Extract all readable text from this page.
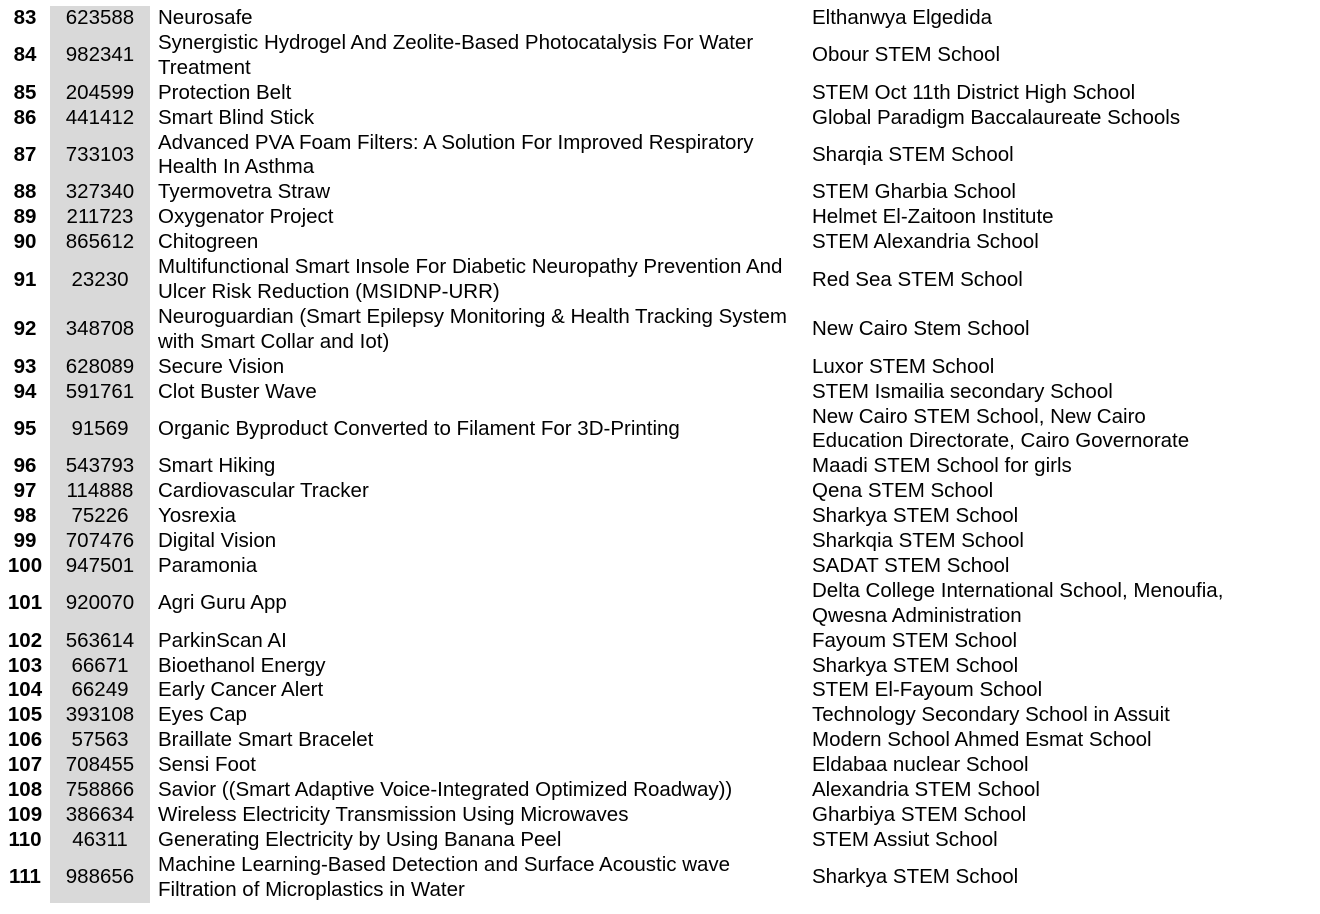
83	623588	Neurosafe	Elthanwya Elgedida
84	982341	Synergistic Hydrogel And Zeolite-Based Photocatalysis For Water Treatment	Obour STEM School
85	204599	Protection Belt	STEM Oct 11th District High School
86	441412	Smart Blind Stick	Global Paradigm Baccalaureate Schools
87	733103	Advanced PVA Foam Filters: A Solution For Improved Respiratory Health In Asthma	Sharqia STEM School
88	327340	Tyermovetra Straw	STEM Gharbia School
89	211723	Oxygenator Project	Helmet El-Zaitoon Institute
90	865612	Chitogreen	STEM Alexandria School
91	23230	Multifunctional Smart Insole For Diabetic Neuropathy Prevention And Ulcer Risk Reduction (MSIDNP-URR)	Red Sea STEM School
92	348708	Neuroguardian (Smart Epilepsy Monitoring & Health Tracking System with Smart Collar and Iot)	New Cairo Stem School
93	628089	Secure Vision	Luxor STEM School
94	591761	Clot Buster Wave	STEM Ismailia secondary School
95	91569	Organic Byproduct Converted to Filament For 3D-Printing	New Cairo STEM School, New Cairo Education Directorate, Cairo Governorate
96	543793	Smart Hiking	Maadi STEM School for girls
97	114888	Cardiovascular Tracker	Qena STEM School
98	75226	Yosrexia	Sharkya STEM School
99	707476	Digital Vision	Sharkqia STEM School
100	947501	Paramonia	SADAT STEM School
101	920070	Agri Guru App	Delta College International School, Menoufia, Qwesna Administration
102	563614	ParkinScan AI	Fayoum STEM School
103	66671	Bioethanol Energy	Sharkya STEM School
104	66249	Early Cancer Alert	STEM El-Fayoum School
105	393108	Eyes Cap	Technology Secondary School in Assuit
106	57563	Braillate Smart Bracelet	Modern School Ahmed Esmat School
107	708455	Sensi Foot	Eldabaa nuclear School
108	758866	Savior ((Smart Adaptive Voice-Integrated Optimized Roadway))	Alexandria STEM School
109	386634	Wireless Electricity Transmission Using Microwaves	Gharbiya STEM School
110	46311	Generating Electricity by Using Banana Peel	STEM Assiut School
111	988656	Machine Learning-Based Detection and Surface Acoustic wave Filtration of Microplastics in Water	Sharkya STEM School
